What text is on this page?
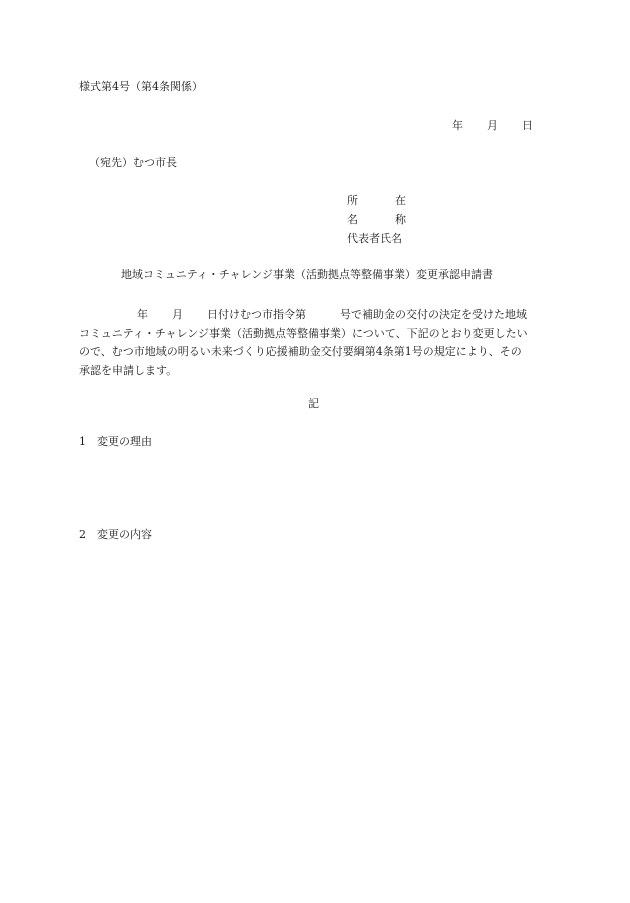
様式第4号（第4条関係）
年 月 日
（宛先）むつ市長
所	在
名	称
代表者氏名
地域コミュニティ・チャレンジ事業（活動拠点等整備事業）変更承認申請書
年 月 日付けむつ市指令第	号で補助金の交付の決定を受けた地域
コミュニティ・チャレンジ事業（活動拠点等整備事業）について、下記のとおり変更したい
ので、むつ市地域の明るい未来づくり応援補助金交付要綱第4条第1号の規定により、その
承認を申請します。
記
1 変更の理由
2 変更の内容
